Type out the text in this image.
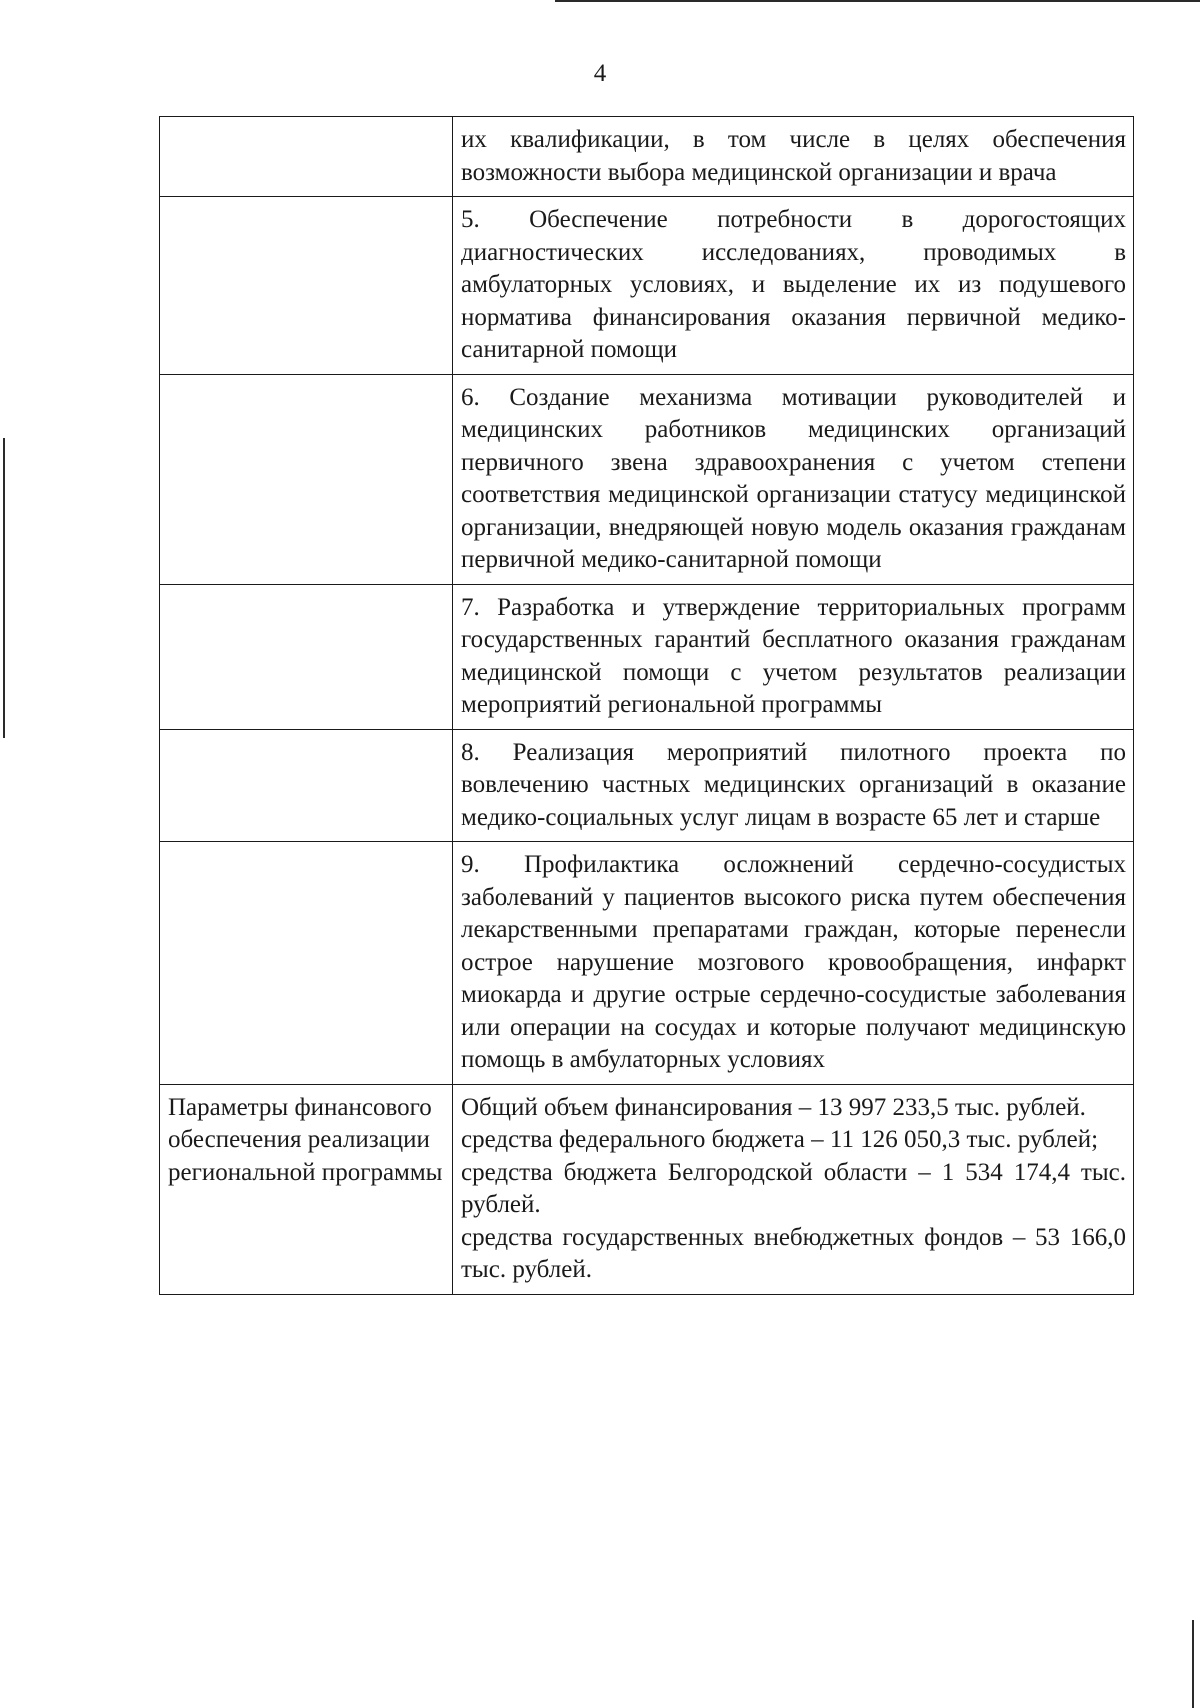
4
	их квалификации, в том числе в целях обеспечения возможности выбора медицинской организации и врача
	5. Обеспечение потребности в дорогостоящих диагностических исследованиях, проводимых в амбулаторных условиях, и выделение их из подушевого норматива финансирования оказания первичной медико-санитарной помощи
	6. Создание механизма мотивации руководителей и медицинских работников медицинских организаций первичного звена здравоохранения с учетом степени соответствия медицинской организации статусу медицинской организации, внедряющей новую модель оказания гражданам первичной медико-санитарной помощи
	7. Разработка и утверждение территориальных программ государственных гарантий бесплатного оказания гражданам медицинской помощи с учетом результатов реализации мероприятий региональной программы
	8. Реализация мероприятий пилотного проекта по вовлечению частных медицинских организаций в оказание медико-социальных услуг лицам в возрасте 65 лет и старше
	9. Профилактика осложнений сердечно-сосудистых заболеваний у пациентов высокого риска путем обеспечения лекарственными препаратами граждан, которые перенесли острое нарушение мозгового кровообращения, инфаркт миокарда и другие острые сердечно-сосудистые заболевания или операции на сосудах и которые получают медицинскую помощь в амбулаторных условиях
Параметры финансового обеспечения реализации региональной программы	Общий объем финансирования – 13 997 233,5 тыс. рублей.
средства федерального бюджета – 11 126 050,3 тыс. рублей;
средства бюджета Белгородской области – 1 534 174,4 тыс. рублей.
средства государственных внебюджетных фондов – 53 166,0 тыс. рублей.
